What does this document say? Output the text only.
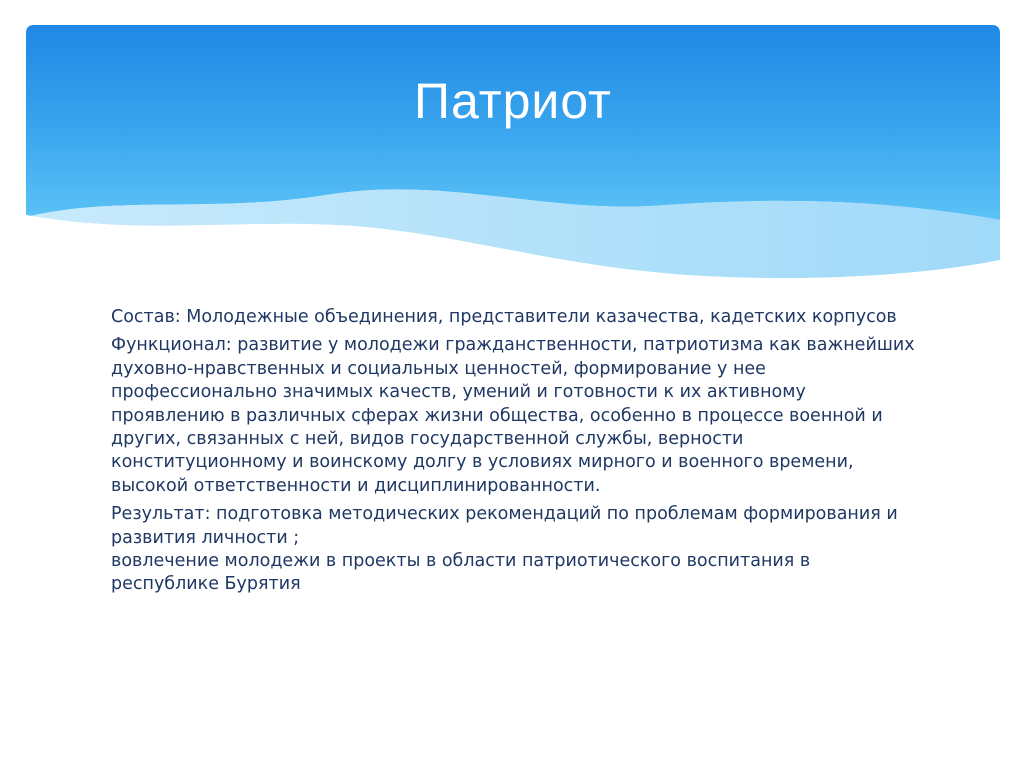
Патриот

Состав: Молодежные объединения, представители казачества, кадетских корпусов

Функционал: развитие у молодежи гражданственности, патриотизма как важнейших духовно-нравственных и социальных ценностей, формирование у нее профессионально значимых качеств, умений и готовности к их активному проявлению в различных сферах жизни общества, особенно в процессе военной и других, связанных с ней, видов государственной службы, верности конституционному и воинскому долгу в условиях мирного и военного времени, высокой ответственности и дисциплинированности.

Результат: подготовка методических рекомендаций по проблемам формирования и развития личности ;
вовлечение молодежи в проекты в области патриотического воспитания в республике Бурятия
